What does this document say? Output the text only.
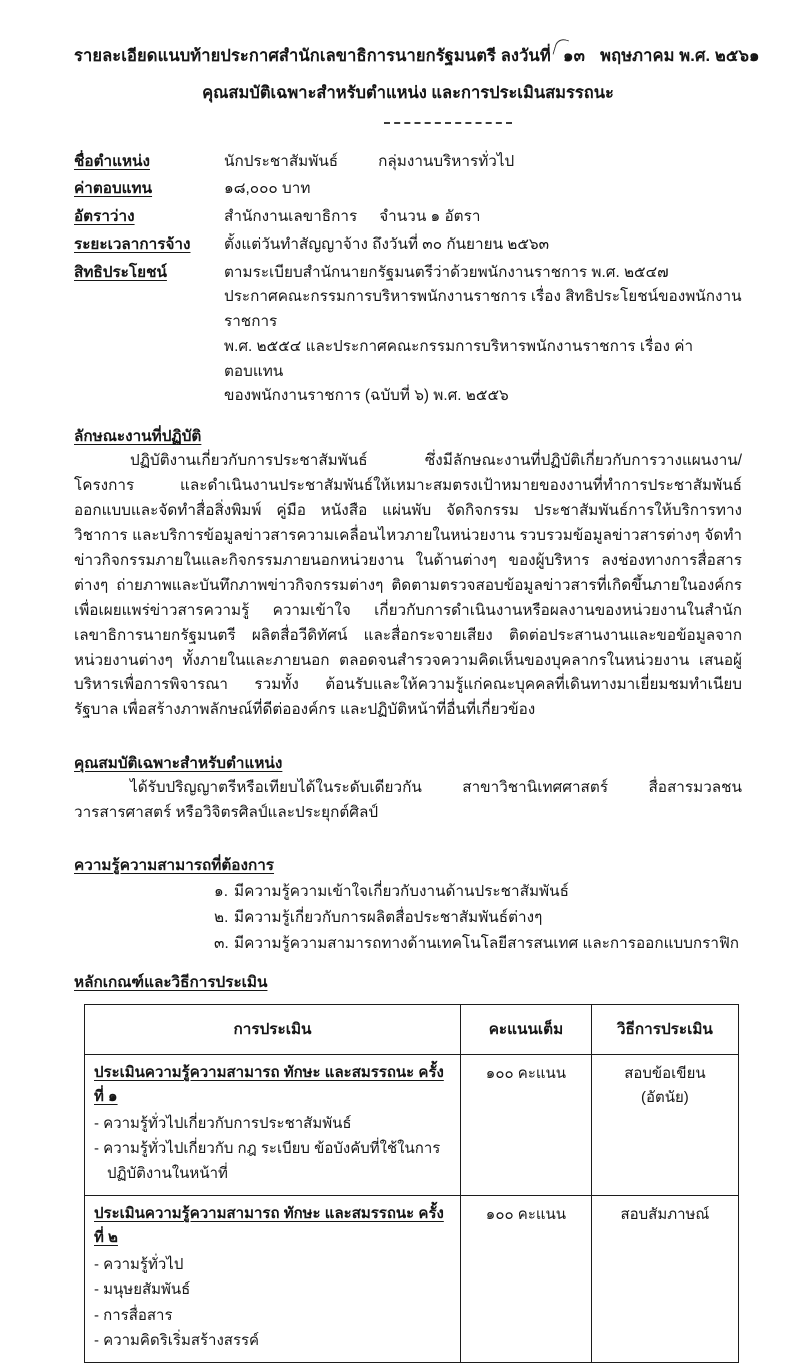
รายละเอียดแนบท้ายประกาศสำนักเลขาธิการนายกรัฐมนตรี ลงวันที่ ๑๓ พฤษภาคม พ.ศ. ๒๕๖๑
คุณสมบัติเฉพาะสำหรับตำแหน่ง และการประเมินสมรรถนะ
ชื่อตำแหน่ง	นักประชาสัมพันธ์	กลุ่มงานบริหารทั่วไป
ค่าตอบแทน	๑๘,๐๐๐ บาท
อัตราว่าง	สำนักงานเลขาธิการ จำนวน ๑ อัตรา
ระยะเวลาการจ้าง	ตั้งแต่วันทำสัญญาจ้าง ถึงวันที่ ๓๐ กันยายน ๒๕๖๓
สิทธิประโยชน์	ตามระเบียบสำนักนายกรัฐมนตรีว่าด้วยพนักงานราชการ พ.ศ. ๒๕๔๗
ประกาศคณะกรรมการบริหารพนักงานราชการ เรื่อง สิทธิประโยชน์ของพนักงานราชการ
พ.ศ. ๒๕๕๔ และประกาศคณะกรรมการบริหารพนักงานราชการ เรื่อง ค่าตอบแทน
ของพนักงานราชการ (ฉบับที่ ๖) พ.ศ. ๒๕๕๖
ลักษณะงานที่ปฏิบัติ

ปฏิบัติงานเกี่ยวกับการประชาสัมพันธ์ ซึ่งมีลักษณะงานที่ปฏิบัติเกี่ยวกับการวางแผนงาน/โครงการ และดำเนินงานประชาสัมพันธ์ให้เหมาะสมตรงเป้าหมายของงานที่ทำการประชาสัมพันธ์ ออกแบบและจัดทำสื่อสิ่งพิมพ์ คู่มือ หนังสือ แผ่นพับ จัดกิจกรรม ประชาสัมพันธ์การให้บริการทางวิชาการ และบริการข้อมูลข่าวสารความเคลื่อนไหวภายในหน่วยงาน รวบรวมข้อมูลข่าวสารต่างๆ จัดทำข่าวกิจกรรมภายในและกิจกรรมภายนอกหน่วยงาน ในด้านต่างๆ ของผู้บริหาร ลงช่องทางการสื่อสารต่างๆ ถ่ายภาพและบันทึกภาพข่าวกิจกรรมต่างๆ ติดตามตรวจสอบข้อมูลข่าวสารที่เกิดขึ้นภายในองค์กร เพื่อเผยแพร่ข่าวสารความรู้ ความเข้าใจ เกี่ยวกับการดำเนินงานหรือผลงานของหน่วยงานในสำนักเลขาธิการนายกรัฐมนตรี ผลิตสื่อวีดิทัศน์ และสื่อกระจายเสียง ติดต่อประสานงานและขอข้อมูลจากหน่วยงานต่างๆ ทั้งภายในและภายนอก ตลอดจนสำรวจความคิดเห็นของบุคลากรในหน่วยงาน เสนอผู้บริหารเพื่อการพิจารณา รวมทั้ง ต้อนรับและให้ความรู้แก่คณะบุคคลที่เดินทางมาเยี่ยมชมทำเนียบรัฐบาล เพื่อสร้างภาพลักษณ์ที่ดีต่อองค์กร และปฏิบัติหน้าที่อื่นที่เกี่ยวข้อง

คุณสมบัติเฉพาะสำหรับตำแหน่ง

ได้รับปริญญาตรีหรือเทียบได้ในระดับเดียวกัน สาขาวิชานิเทศศาสตร์ สื่อสารมวลชน วารสารศาสตร์ หรือวิจิตรศิลป์และประยุกต์ศิลป์

ความรู้ความสามารถที่ต้องการ
๑. มีความรู้ความเข้าใจเกี่ยวกับงานด้านประชาสัมพันธ์
๒. มีความรู้เกี่ยวกับการผลิตสื่อประชาสัมพันธ์ต่างๆ
๓. มีความรู้ความสามารถทางด้านเทคโนโลยีสารสนเทศ และการออกแบบกราฟิก
หลักเกณฑ์และวิธีการประเมิน
การประเมิน	คะแนนเต็ม	วิธีการประเมิน

ประเมินความรู้ความสามารถ ทักษะ และสมรรถนะ ครั้งที่ ๑
- ความรู้ทั่วไปเกี่ยวกับการประชาสัมพันธ์
- ความรู้ทั่วไปเกี่ยวกับ กฎ ระเบียบ ข้อบังคับที่ใช้ในการ
ปฏิบัติงานในหน้าที่	๑๐๐ คะแนน	สอบข้อเขียน (อัตนัย)

ประเมินความรู้ความสามารถ ทักษะ และสมรรถนะ ครั้งที่ ๒
- ความรู้ทั่วไป
- มนุษยสัมพันธ์
- การสื่อสาร
- ความคิดริเริ่มสร้างสรรค์	๑๐๐ คะแนน	สอบสัมภาษณ์
